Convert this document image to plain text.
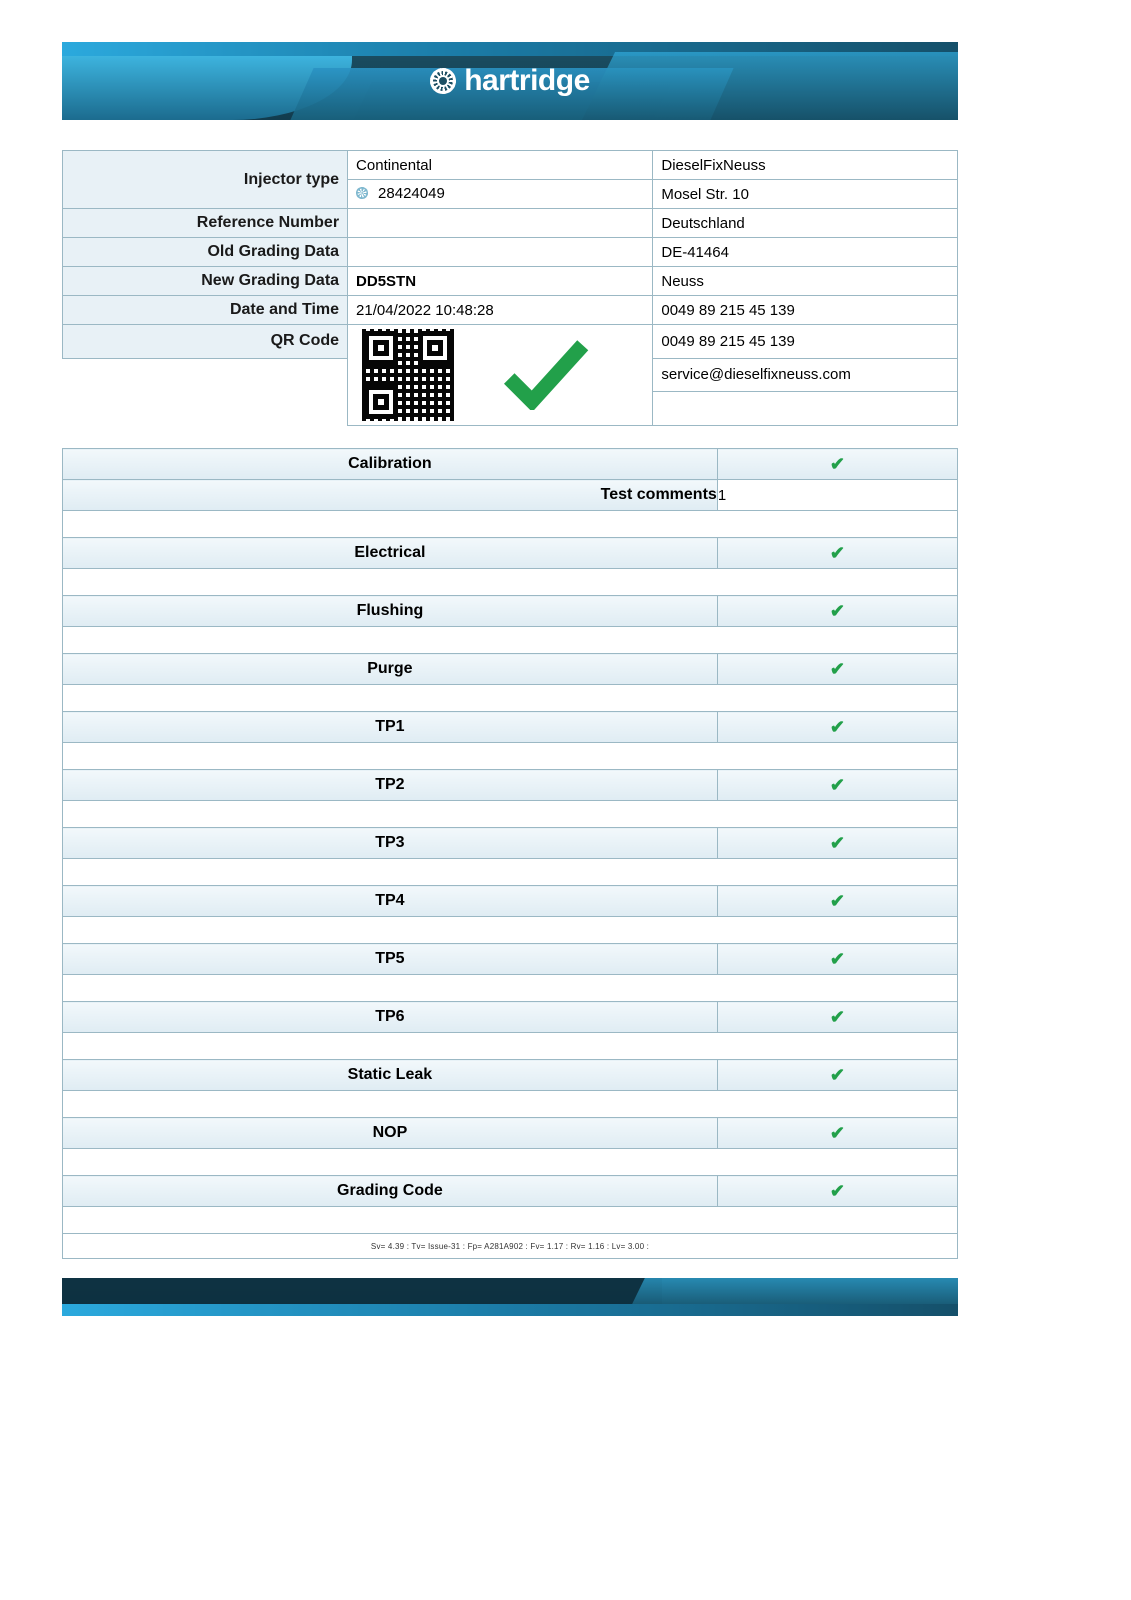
hartridge
Injector type	Continental	DieselFixNeuss

	28424049	Mosel Str. 10
Reference Number		Deutschland
Old Grading Data		DE-41464
New Grading Data	DD5STN	Neuss
Date and Time	21/04/2022 10:48:28	0049 89 215 45 139
QR Code		0049 89 215 45 139
		service@dieselfixneuss.com

Calibration	✔
Test comments	1

Electrical	✔

Flushing	✔

Purge	✔

TP1	✔

TP2	✔

TP3	✔

TP4	✔

TP5	✔

TP6	✔

Static Leak	✔

NOP	✔

Grading Code	✔

Sv= 4.39 : Tv= Issue-31 : Fp= A281A902 : Fv= 1.17 : Rv= 1.16 : Lv= 3.00 :	
